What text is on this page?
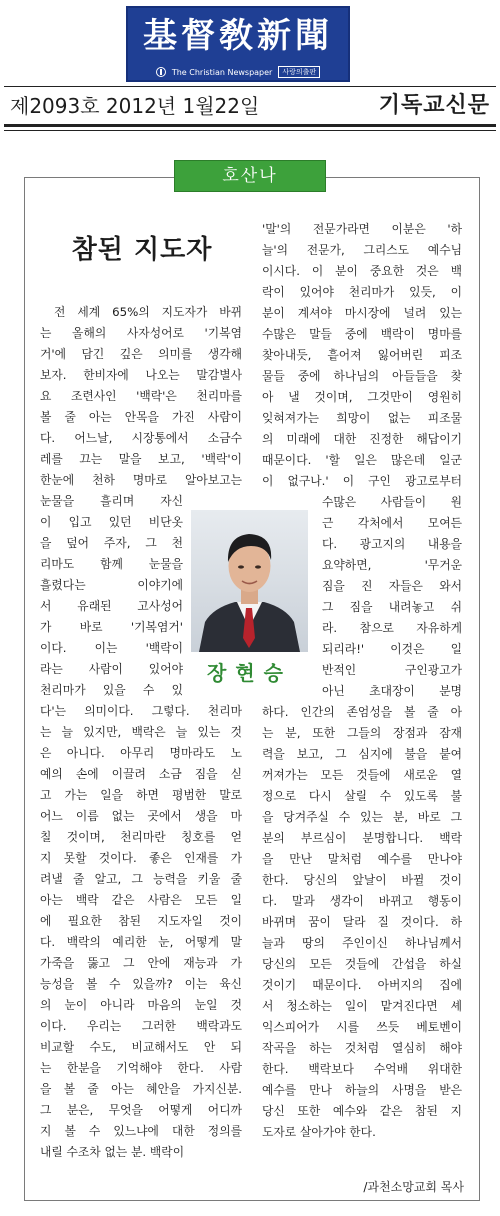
基督敎新聞
The Christian Newspaper	사랑의출판
제2093호 2012년 1월22일	기독교신문
호산나
참된 지도자
전 세계 65%의 지도자가 바뀌
는 올해의 사자성어로 '기복염
거'에 담긴 깊은 의미를 생각해
보자. 한비자에 나오는 말감별사
요 조련사인 '백락'은 천리마를
볼 줄 아는 안목을 가진 사람이
다. 어느날, 시장통에서 소금수
레를 끄는 말을 보고, '백락'이
한눈에 천하 명마로 알아보고는
눈물을 흘리며 자신
이 입고 있던 비단옷
을 덮어 주자, 그 천
리마도 함께 눈물을
흘렸다는 이야기에
서 유래된 고사성어
가 바로 '기복염거'
이다. 이는 '백락이
라는 사람이 있어야
천리마가 있을 수 있
다'는 의미이다. 그렇다. 천리마
는 늘 있지만, 백락은 늘 있는 것
은 아니다. 아무리 명마라도 노
예의 손에 이끌려 소금 짐을 싣
고 가는 일을 하면 평범한 말로
어느 이름 없는 곳에서 생을 마
칠 것이며, 천리마란 칭호를 얻
지 못할 것이다. 좋은 인재를 가
려낼 줄 알고, 그 능력을 키울 줄
아는 백락 같은 사람은 모든 일
에 필요한 참된 지도자일 것이
다. 백락의 예리한 눈, 어떻게 말
가죽을 뚫고 그 안에 재능과 가
능성을 볼 수 있을까? 이는 육신
의 눈이 아니라 마음의 눈일 것
이다. 우리는 그러한 백락과도
비교할 수도, 비교해서도 안 되
는 한분을 기억해야 한다. 사람
을 볼 줄 아는 혜안을 가지신분.
그 분은, 무엇을 어떻게 어디까
지 볼 수 있느냐에 대한 정의를
내릴 수조차 없는 분. 백락이
'말'의 전문가라면 이분은 '하
늘'의 전문가, 그리스도 예수님
이시다. 이 분이 중요한 것은 백
락이 있어야 천리마가 있듯, 이
분이 계셔야 마시장에 널려 있는
수많은 말들 중에 백락이 명마를
찾아내듯, 흩어져 잃어버린 피조
물들 중에 하나님의 아들들을 찾
아 낼 것이며, 그것만이 영원히
잊혀져가는 희망이 없는 피조물
의 미래에 대한 진정한 해답이기
때문이다. '할 일은 많은데 일군
이 없구나.' 이 구인 광고로부터
수많은 사람들이 원
근 각처에서 모여든
다. 광고지의 내용을
요약하면, '무거운
짐을 진 자들은 와서
그 짐을 내려놓고 쉬
라. 참으로 자유하게
되리라!' 이것은 일
반적인 구인광고가
아닌 초대장이 분명
하다. 인간의 존엄성을 볼 줄 아
는 분, 또한 그들의 장점과 잠재
력을 보고, 그 심지에 불을 붙여
꺼져가는 모든 것들에 새로운 열
정으로 다시 살릴 수 있도록 불
을 당겨주실 수 있는 분, 바로 그
분의 부르심이 분명합니다. 백락
을 만난 말처럼 예수를 만나야
한다. 당신의 앞날이 바뀔 것이
다. 말과 생각이 바뀌고 행동이
바뀌며 꿈이 달라 질 것이다. 하
늘과 땅의 주인이신 하나님께서
당신의 모든 것들에 간섭을 하실
것이기 때문이다. 아버지의 집에
서 청소하는 일이 맡겨진다면 셰
익스피어가 시를 쓰듯 베토벤이
작곡을 하는 것처럼 열심히 해야
한다. 백락보다 수억배 위대한
예수를 만나 하늘의 사명을 받은
당신 또한 예수와 같은 참된 지
도자로 살아가야 한다.
장현승
/과천소망교회 목사
